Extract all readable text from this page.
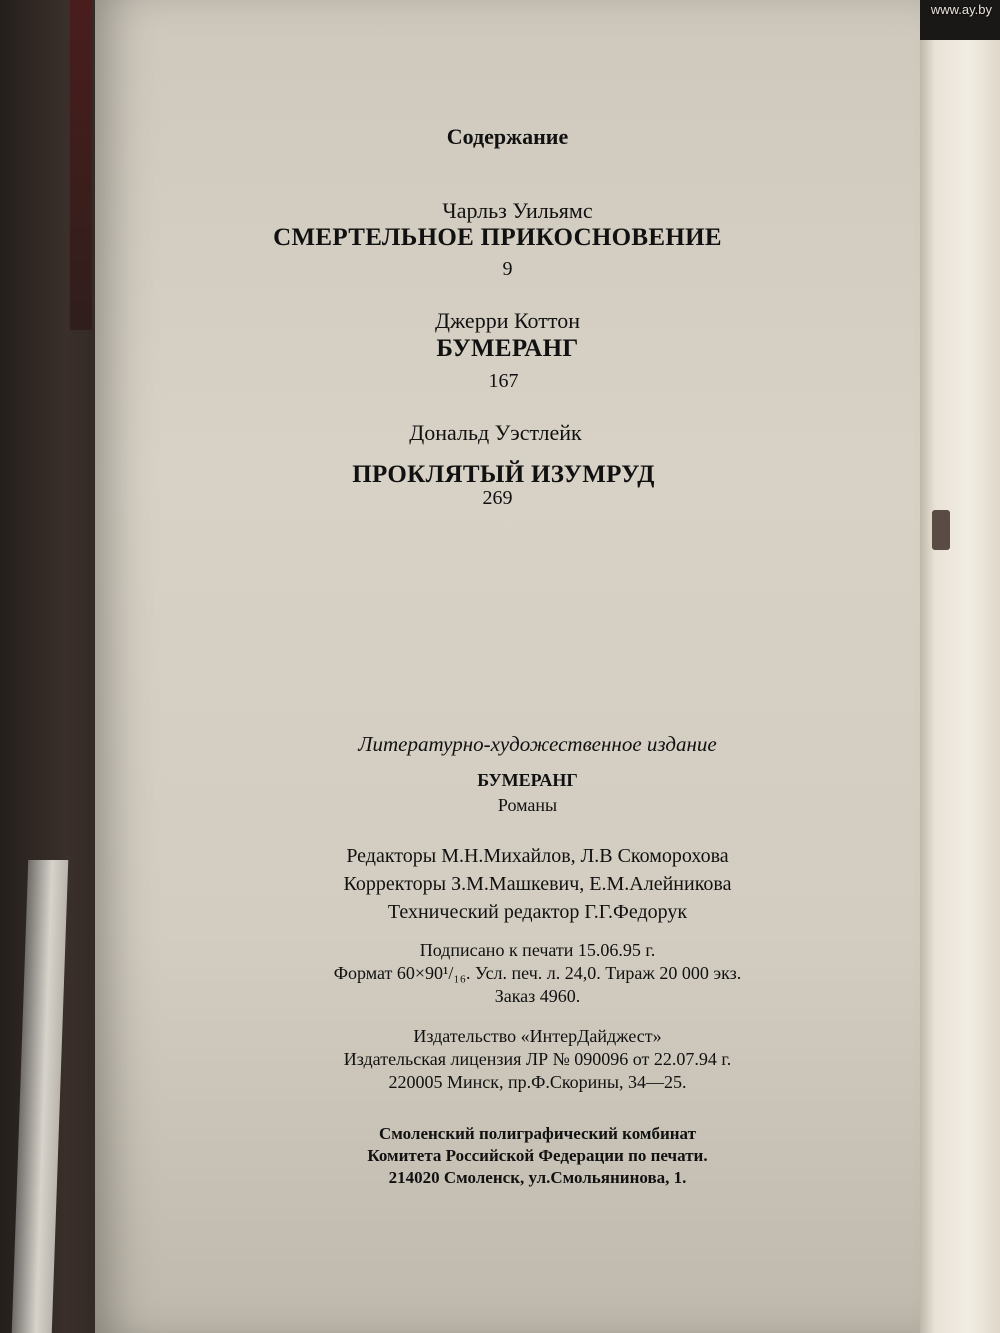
Содержание
Чарльз Уильямс
СМЕРТЕЛЬНОЕ ПРИКОСНОВЕНИЕ
9
Джерри Коттон
БУМЕРАНГ
167
Дональд Уэстлейк
ПРОКЛЯТЫЙ ИЗУМРУД
269
Литературно-художественное издание
БУМЕРАНГ
Романы
Редакторы М.Н.Михайлов, Л.В Скоморохова
Корректоры З.М.Машкевич, Е.М.Алейникова
Технический редактор Г.Г.Федорук
Подписано к печати 15.06.95 г.
Формат 60×90¹/₁₆. Усл. печ. л. 24,0. Тираж 20 000 экз.
Заказ 4960.
Издательство «ИнтерДайджест»
Издательская лицензия ЛР № 090096 от 22.07.94 г.
220005 Минск, пр.Ф.Скорины, 34—25.
Смоленский полиграфический комбинат
Комитета Российской Федерации по печати.
214020 Смоленск, ул.Смольянинова, 1.
www.ay.by
